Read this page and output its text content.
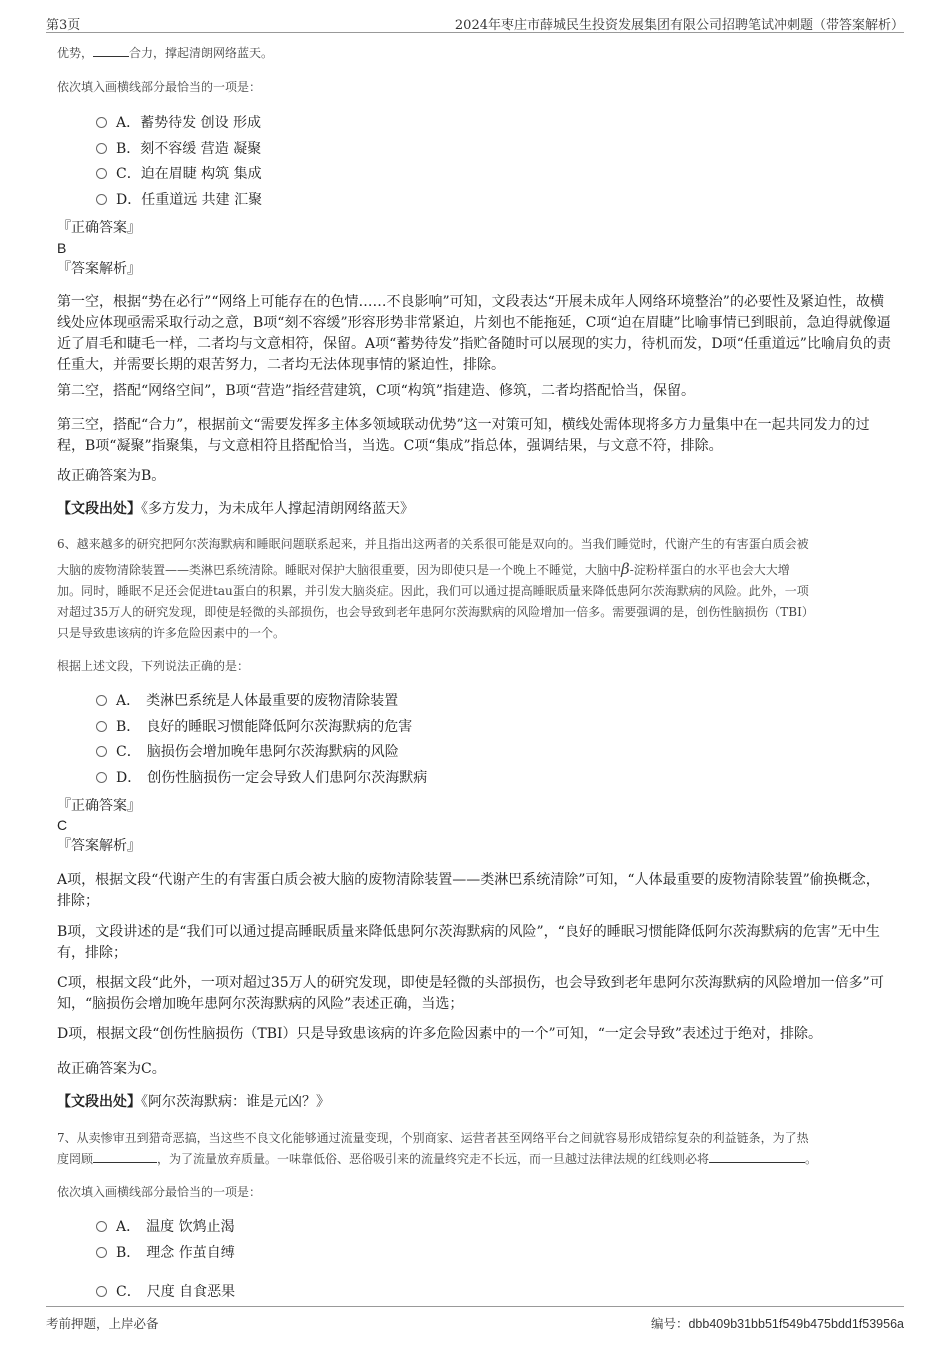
第3页	2024年枣庄市薛城民生投资发展集团有限公司招聘笔试冲刺题（带答案解析）
优势，	合力，撑起清朗网络蓝天。
依次填入画横线部分最恰当的一项是：
A．蓄势待发 创设 形成
B．刻不容缓 营造 凝聚
C．迫在眉睫 构筑 集成
D．任重道远 共建 汇聚
『正确答案』
B
『答案解析』
第一空，根据“势在必行”“网络上可能存在的色情……不良影响”可知，文段表达“开展未成年人网络环境整治”的必要性及紧迫性，故横线处应体现亟需采取行动之意，B项“刻不容缓”形容形势非常紧迫，片刻也不能拖延，C项“迫在眉睫”比喻事情已到眼前，急迫得就像逼近了眉毛和睫毛一样，二者均与文意相符，保留。A项“蓄势待发”指贮备随时可以展现的实力，待机而发，D项“任重道远”比喻肩负的责任重大，并需要长期的艰苦努力，二者均无法体现事情的紧迫性，排除。
第二空，搭配“网络空间”，B项“营造”指经营建筑，C项“构筑”指建造、修筑，二者均搭配恰当，保留。
第三空，搭配“合力”，根据前文“需要发挥多主体多领域联动优势”这一对策可知，横线处需体现将多方力量集中在一起共同发力的过程，B项“凝聚”指聚集，与文意相符且搭配恰当，当选。C项“集成”指总体，强调结果，与文意不符，排除。
故正确答案为B。
【文段出处】《多方发力，为未成年人撑起清朗网络蓝天》
6、越来越多的研究把阿尔茨海默病和睡眠问题联系起来，并且指出这两者的关系很可能是双向的。当我们睡觉时，代谢产生的有害蛋白质会被
大脑的废物清除装置——类淋巴系统清除。睡眠对保护大脑很重要，因为即使只是一个晚上不睡觉，大脑中β-淀粉样蛋白的水平也会大大增
加。同时，睡眠不足还会促进tau蛋白的积累，并引发大脑炎症。因此，我们可以通过提高睡眠质量来降低患阿尔茨海默病的风险。此外，一项
对超过35万人的研究发现，即使是轻微的头部损伤，也会导致到老年患阿尔茨海默病的风险增加一倍多。需要强调的是，创伤性脑损伤（TBI）
只是导致患该病的许多危险因素中的一个。
根据上述文段，下列说法正确的是：
A． 类淋巴系统是人体最重要的废物清除装置
B． 良好的睡眠习惯能降低阿尔茨海默病的危害
C． 脑损伤会增加晚年患阿尔茨海默病的风险
D． 创伤性脑损伤一定会导致人们患阿尔茨海默病
『正确答案』
C
『答案解析』
A项，根据文段“代谢产生的有害蛋白质会被大脑的废物清除装置——类淋巴系统清除”可知，“人体最重要的废物清除装置”偷换概念，排除；
B项，文段讲述的是“我们可以通过提高睡眠质量来降低患阿尔茨海默病的风险”，“良好的睡眠习惯能降低阿尔茨海默病的危害”无中生有，排除；
C项，根据文段“此外，一项对超过35万人的研究发现，即使是轻微的头部损伤，也会导致到老年患阿尔茨海默病的风险增加一倍多”可知，“脑损伤会增加晚年患阿尔茨海默病的风险”表述正确，当选；
D项，根据文段“创伤性脑损伤（TBI）只是导致患该病的许多危险因素中的一个”可知，“一定会导致”表述过于绝对，排除。
故正确答案为C。
【文段出处】《阿尔茨海默病：谁是元凶？》
7、从卖惨审丑到猎奇恶搞，当这些不良文化能够通过流量变现，个别商家、运营者甚至网络平台之间就容易形成错综复杂的利益链条，为了热
度罔顾	，为了流量放弃质量。一味靠低俗、恶俗吸引来的流量终究走不长远，而一旦越过法律法规的红线则必将	。
依次填入画横线部分最恰当的一项是：
A． 温度 饮鸩止渴
B． 理念 作茧自缚
C． 尺度 自食恶果
考前押题，上岸必备	编号：dbb409b31bb51f549b475bdd1f53956a
